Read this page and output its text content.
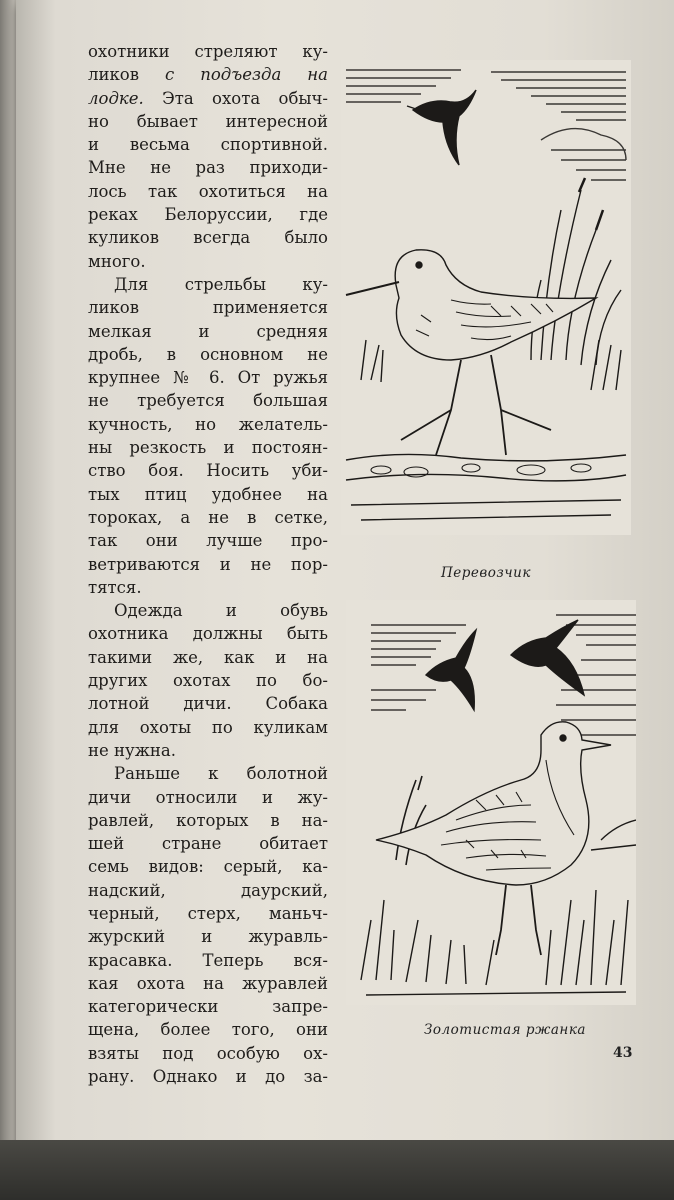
охотники стреляют ку-
ликов с подъезда на
лодке. Эта охота обыч-
но бывает интересной
и весьма спортивной.
Мне не раз приходи-
лось так охотиться на
реках Белоруссии, где
куликов всегда было
много.
Для стрельбы ку-
ликов применяется
мелкая и средняя
дробь, в основном не
крупнее № 6. От ружья
не требуется большая
кучность, но желатель-
ны резкость и постоян-
ство боя. Носить уби-
тых птиц удобнее на
тороках, а не в сетке,
так они лучше про-
ветриваются и не пор-
тятся.
Одежда и обувь
охотника должны быть
такими же, как и на
других охотах по бо-
лотной дичи. Собака
для охоты по куликам
не нужна.
Раньше к болотной
дичи относили и жу-
равлей, которых в на-
шей стране обитает
семь видов: серый, ка-
надский, даурский,
черный, стерх, маньч-
журский и журавль-
красавка. Теперь вся-
кая охота на журавлей
категорически запре-
щена, более того, они
взяты под особую ох-
рану. Однако и до за-
Перевозчик
Золотистая ржанка
43
